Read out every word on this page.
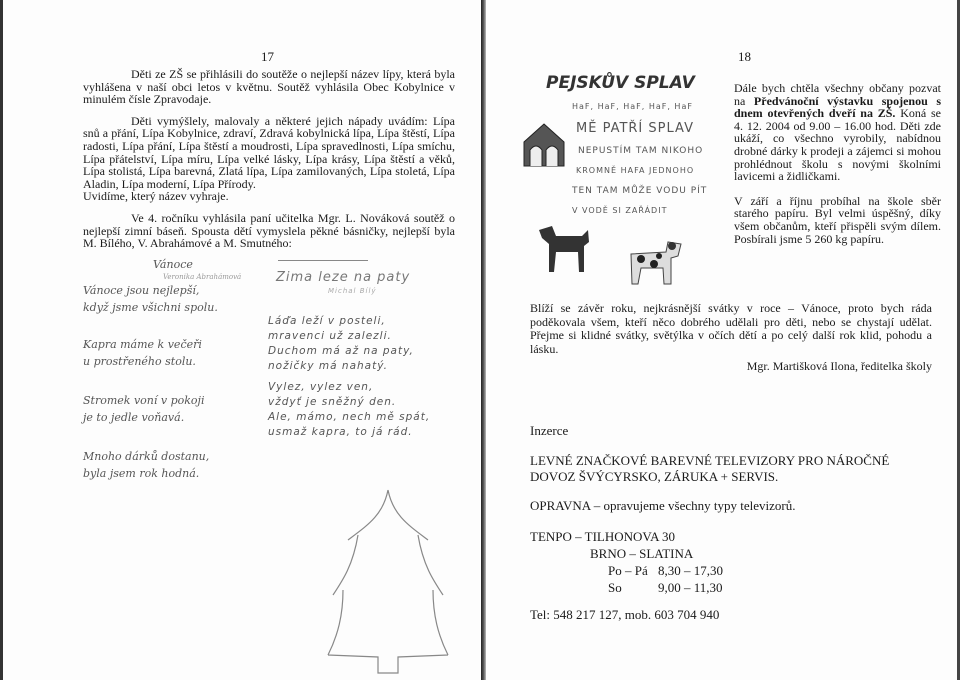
17
Děti ze ZŠ se přihlásili do soutěže o nejlepší název lípy, která byla vyhlášena v naší obci letos v květnu. Soutěž vyhlásila Obec Kobylnice v minulém čísle Zpravodaje.
Děti vymýšlely, malovaly a některé jejich nápady uvádím: Lípa snů a přání, Lípa Kobylnice, zdraví, Zdravá kobylnická lípa, Lípa štěstí, Lípa radosti, Lípa přání, Lípa štěstí a moudrosti, Lípa spravedlnosti, Lípa smíchu, Lípa přátelství, Lípa míru, Lípa velké lásky, Lípa krásy, Lípa štěstí a věků, Lípa stolistá, Lípa barevná, Zlatá lípa, Lípa zamilovaných, Lípa stoletá, Lípa Aladin, Lípa moderní, Lípa Přírody.
Uvidíme, který název vyhraje.
Ve 4. ročníku vyhlásila paní učitelka Mgr. L. Nováková soutěž o nejlepší zimní báseň. Spousta dětí vymyslela pěkné básničky, nejlepší byla M. Bílého, V. Abrahámové a M. Smutného:
Vánoce
Veronika Abrahámová
Vánoce jsou nejlepší,
když jsme všichni spolu.
Kapra máme k večeři
u prostřeného stolu.
Stromek voní v pokoji
je to jedle voňavá.
Mnoho dárků dostanu,
byla jsem rok hodná.
Zima leze na paty
Michal Bílý
Láďa leží v posteli,
mravenci už zalezli.
Duchom má až na paty,
nožičky má nahatý.
Vylez, vylez ven,
vždyť je sněžný den.
Ale, mámo, nech mě spát,
usmaž kapra, to já rád.
18
PEJSKŮV SPLAV
HaF, HaF, HaF, HaF, HaF
MĚ PATŘÍ SPLAV
NEPUSTÍM TAM NIKOHO
KROMNĚ HAFA JEDNOHO
TEN TAM MŮŽE VODU PÍT
V VODĚ SI ZAŘÁDIT
Dále bych chtěla všechny občany pozvat na Předvánoční výstavku spojenou s dnem otevřených dveří na ZŠ. Koná se 4. 12. 2004 od 9.00 – 16.00 hod. Děti zde ukáží, co všechno vyrobily, nabídnou drobné dárky k prodeji a zájemci si mohou prohlédnout školu s novými školními lavicemi a židličkami.
V září a říjnu probíhal na škole sběr starého papíru. Byl velmi úspěšný, díky všem občanům, kteří přispěli svým dílem. Posbírali jsme 5 260 kg papíru.
Blíží se závěr roku, nejkrásnější svátky v roce – Vánoce, proto bych ráda poděkovala všem, kteří něco dobrého udělali pro děti, nebo se chystají udělat. Přejme si klidné svátky, světýlka v očích dětí a po celý další rok klid, pohodu a lásku.
Mgr. Martišková Ilona, ředitelka školy
Inzerce
LEVNÉ ZNAČKOVÉ BAREVNÉ TELEVIZORY PRO NÁROČNÉ DOVOZ ŠVÝCYRSKO, ZÁRUKA + SERVIS.
OPRAVNA – opravujeme všechny typy televizorů.
TENPO – TILHONOVA 30
BRNO – SLATINA
Po – Pá 8,30 – 17,30
So	9,00 – 11,30
Tel: 548 217 127, mob. 603 704 940
